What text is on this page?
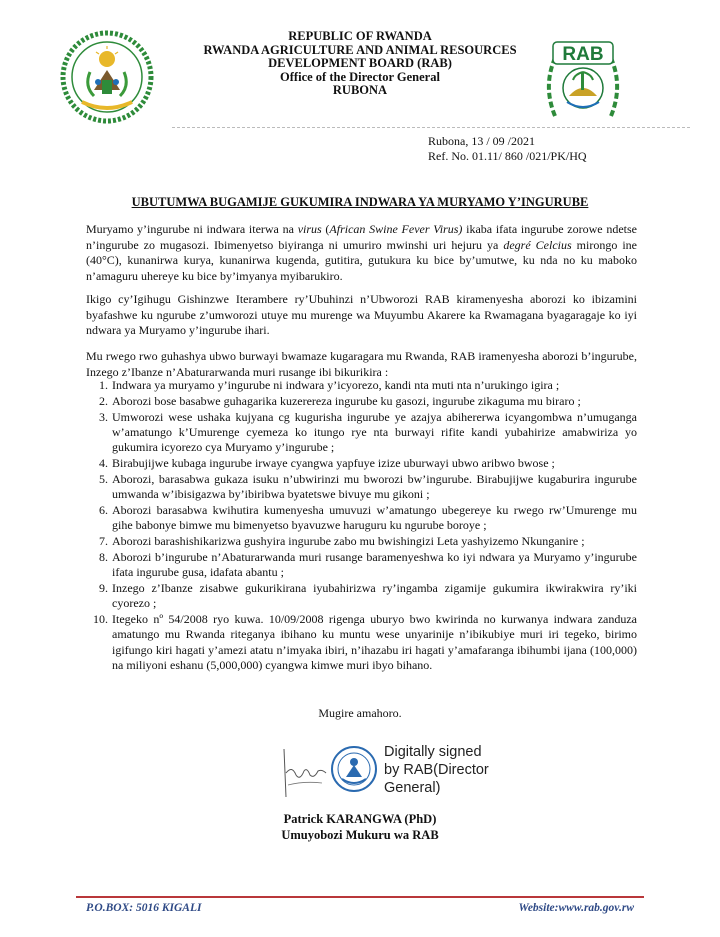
REPUBLIC OF RWANDA
RWANDA AGRICULTURE AND ANIMAL RESOURCES
DEVELOPMENT BOARD (RAB)
Office of the Director General
RUBONA
RAB
Rubona, 13 / 09 /2021
Ref. No. 01.11/ 860 /021/PK/HQ
UBUTUMWA BUGAMIJE GUKUMIRA INDWARA YA MURYAMO Y’INGURUBE
Muryamo y’ingurube ni indwara iterwa na virus (African Swine Fever Virus) ikaba ifata ingurube zorowe ndetse n’ingurube zo mugasozi. Ibimenyetso biyiranga ni umuriro mwinshi uri hejuru ya degré Celcius mirongo ine (40°C), kunanirwa kurya, kunanirwa kugenda, gutitira, gutukura ku bice by’umutwe, ku nda no ku maboko n’amaguru uhereye ku bice by’imyanya myibarukiro.
Ikigo cy’Igihugu Gishinzwe Iterambere ry’Ubuhinzi n’Ubworozi RAB kiramenyesha aborozi ko ibizamini byafashwe ku ngurube z’umworozi utuye mu murenge wa Muyumbu Akarere ka Rwamagana byagaragaje ko iyi ndwara ya Muryamo y’ingurube ihari.
Mu rwego rwo guhashya ubwo burwayi bwamaze kugaragara mu Rwanda, RAB iramenyesha aborozi b’ingurube, Inzego z’Ibanze n’Abaturarwanda muri rusange ibi bikurikira :
1. Indwara ya muryamo y’ingurube ni indwara y’icyorezo, kandi nta muti nta n’urukingo igira ;
2. Aborozi bose basabwe guhagarika kuzerereza ingurube ku gasozi, ingurube zikaguma mu biraro ;
3. Umworozi wese ushaka kujyana cg kugurisha ingurube ye azajya abihererwa icyangombwa n’umuganga w’amatungo k’Umurenge cyemeza ko itungo rye nta burwayi rifite kandi yubahirize amabwiriza yo gukumira icyorezo cya Muryamo y’ingurube ;
4. Birabujijwe kubaga ingurube irwaye cyangwa yapfuye izize uburwayi ubwo aribwo bwose ;
5. Aborozi, barasabwa gukaza isuku n’ubwirinzi mu bworozi bw’ingurube. Birabujijwe kugaburira ingurube umwanda w’ibisigazwa by’ibiribwa byatetswe bivuye mu gikoni ;
6. Aborozi barasabwa kwihutira kumenyesha umuvuzi w’amatungo ubegereye ku rwego rw’Umurenge mu gihe babonye bimwe mu bimenyetso byavuzwe haruguru ku ngurube boroye ;
7. Aborozi barashishikarizwa gushyira ingurube zabo mu bwishingizi Leta yashyizemo Nkunganire ;
8. Aborozi b’ingurube n’Abaturarwanda muri rusange baramenyeshwa ko iyi ndwara ya Muryamo y’ingurube ifata ingurube gusa, idafata abantu ;
9. Inzego z’Ibanze zisabwe gukurikirana iyubahirizwa ry’ingamba zigamije gukumira ikwirakwira ry’iki cyorezo ;
10. Itegeko nº 54/2008 ryo kuwa. 10/09/2008 rigenga uburyo bwo kwirinda no kurwanya indwara zanduza amatungo mu Rwanda riteganya ibihano ku muntu wese unyarinije n’ibikubiye muri iri tegeko, birimo igifungo kiri hagati y’amezi atatu n’imyaka ibiri, n’ihazabu iri hagati y’amafaranga ibihumbi ijana (100,000) na miliyoni eshanu (5,000,000) cyangwa kimwe muri ibyo bihano.
Mugire amahoro.
Digitally signed
by RAB(Director
General)
Patrick KARANGWA (PhD)
Umuyobozi Mukuru wa RAB
P.O.BOX: 5016 KIGALI	Website:www.rab.gov.rw
